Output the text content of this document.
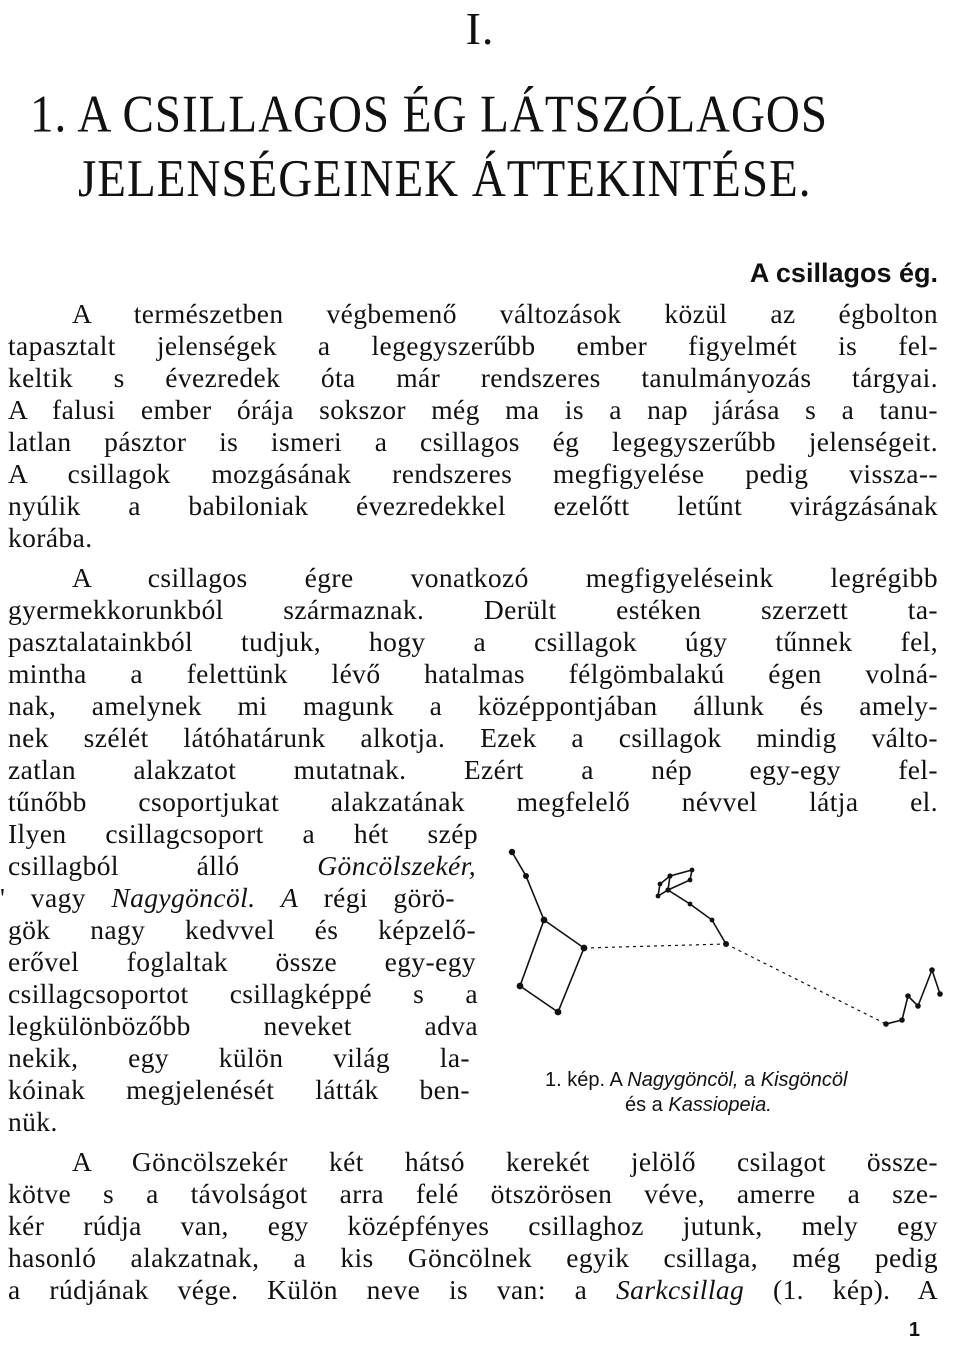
I.
1. A CSILLAGOS ÉG LÁTSZÓLAGOS
JELENSÉGEINEK ÁTTEKINTÉSE.
A csillagos ég.
A természetben végbemenő változások közül az égbolton
tapasztalt jelenségek a legegyszerűbb ember figyelmét is fel-
keltik s évezredek óta már rendszeres tanulmányozás tárgyai.
A falusi ember órája sokszor még ma is a nap járása s a tanu-
latlan pásztor is ismeri a csillagos ég legegyszerűbb jelenségeit.
A csillagok mozgásának rendszeres megfigyelése pedig vissza--
nyúlik a babiloniak évezredekkel ezelőtt letűnt virágzásának
korába.
A csillagos égre vonatkozó megfigyeléseink legrégibb
gyermekkorunkból származnak. Derült estéken szerzett ta-
pasztalatainkból tudjuk, hogy a csillagok úgy tűnnek fel,
mintha a felettünk lévő hatalmas félgömbalakú égen volná-
nak, amelynek mi magunk a középpontjában állunk és amely-
nek szélét látóhatárunk alkotja. Ezek a csillagok mindig válto-
zatlan alakzatot mutatnak. Ezért a nép egy-egy fel-
tűnőbb csoportjukat alakzatának megfelelő névvel látja el.
Ilyen csillagcsoport a hét szép
csillagból álló Göncölszekér,
' vagy Nagygöncöl. A régi görö-
gök nagy kedvvel és képzelő-
erővel foglaltak össze egy-egy
csillagcsoportot csillagképpé s a
legkülönbözőbb neveket adva
nekik, egy külön világ la-
kóinak megjelenését látták ben-
nük.
1. kép. A Nagygöncöl, a Kisgöncöl
és a Kassiopeia.
A Göncölszekér két hátsó kerekét jelölő csilagot össze-
kötve s a távolságot arra felé ötszörösen véve, amerre a sze-
kér rúdja van, egy középfényes csillaghoz jutunk, mely egy
hasonló alakzatnak, a kis Göncölnek egyik csillaga, még pedig
a rúdjának vége. Külön neve is van: a Sarkcsillag (1. kép). A
1
